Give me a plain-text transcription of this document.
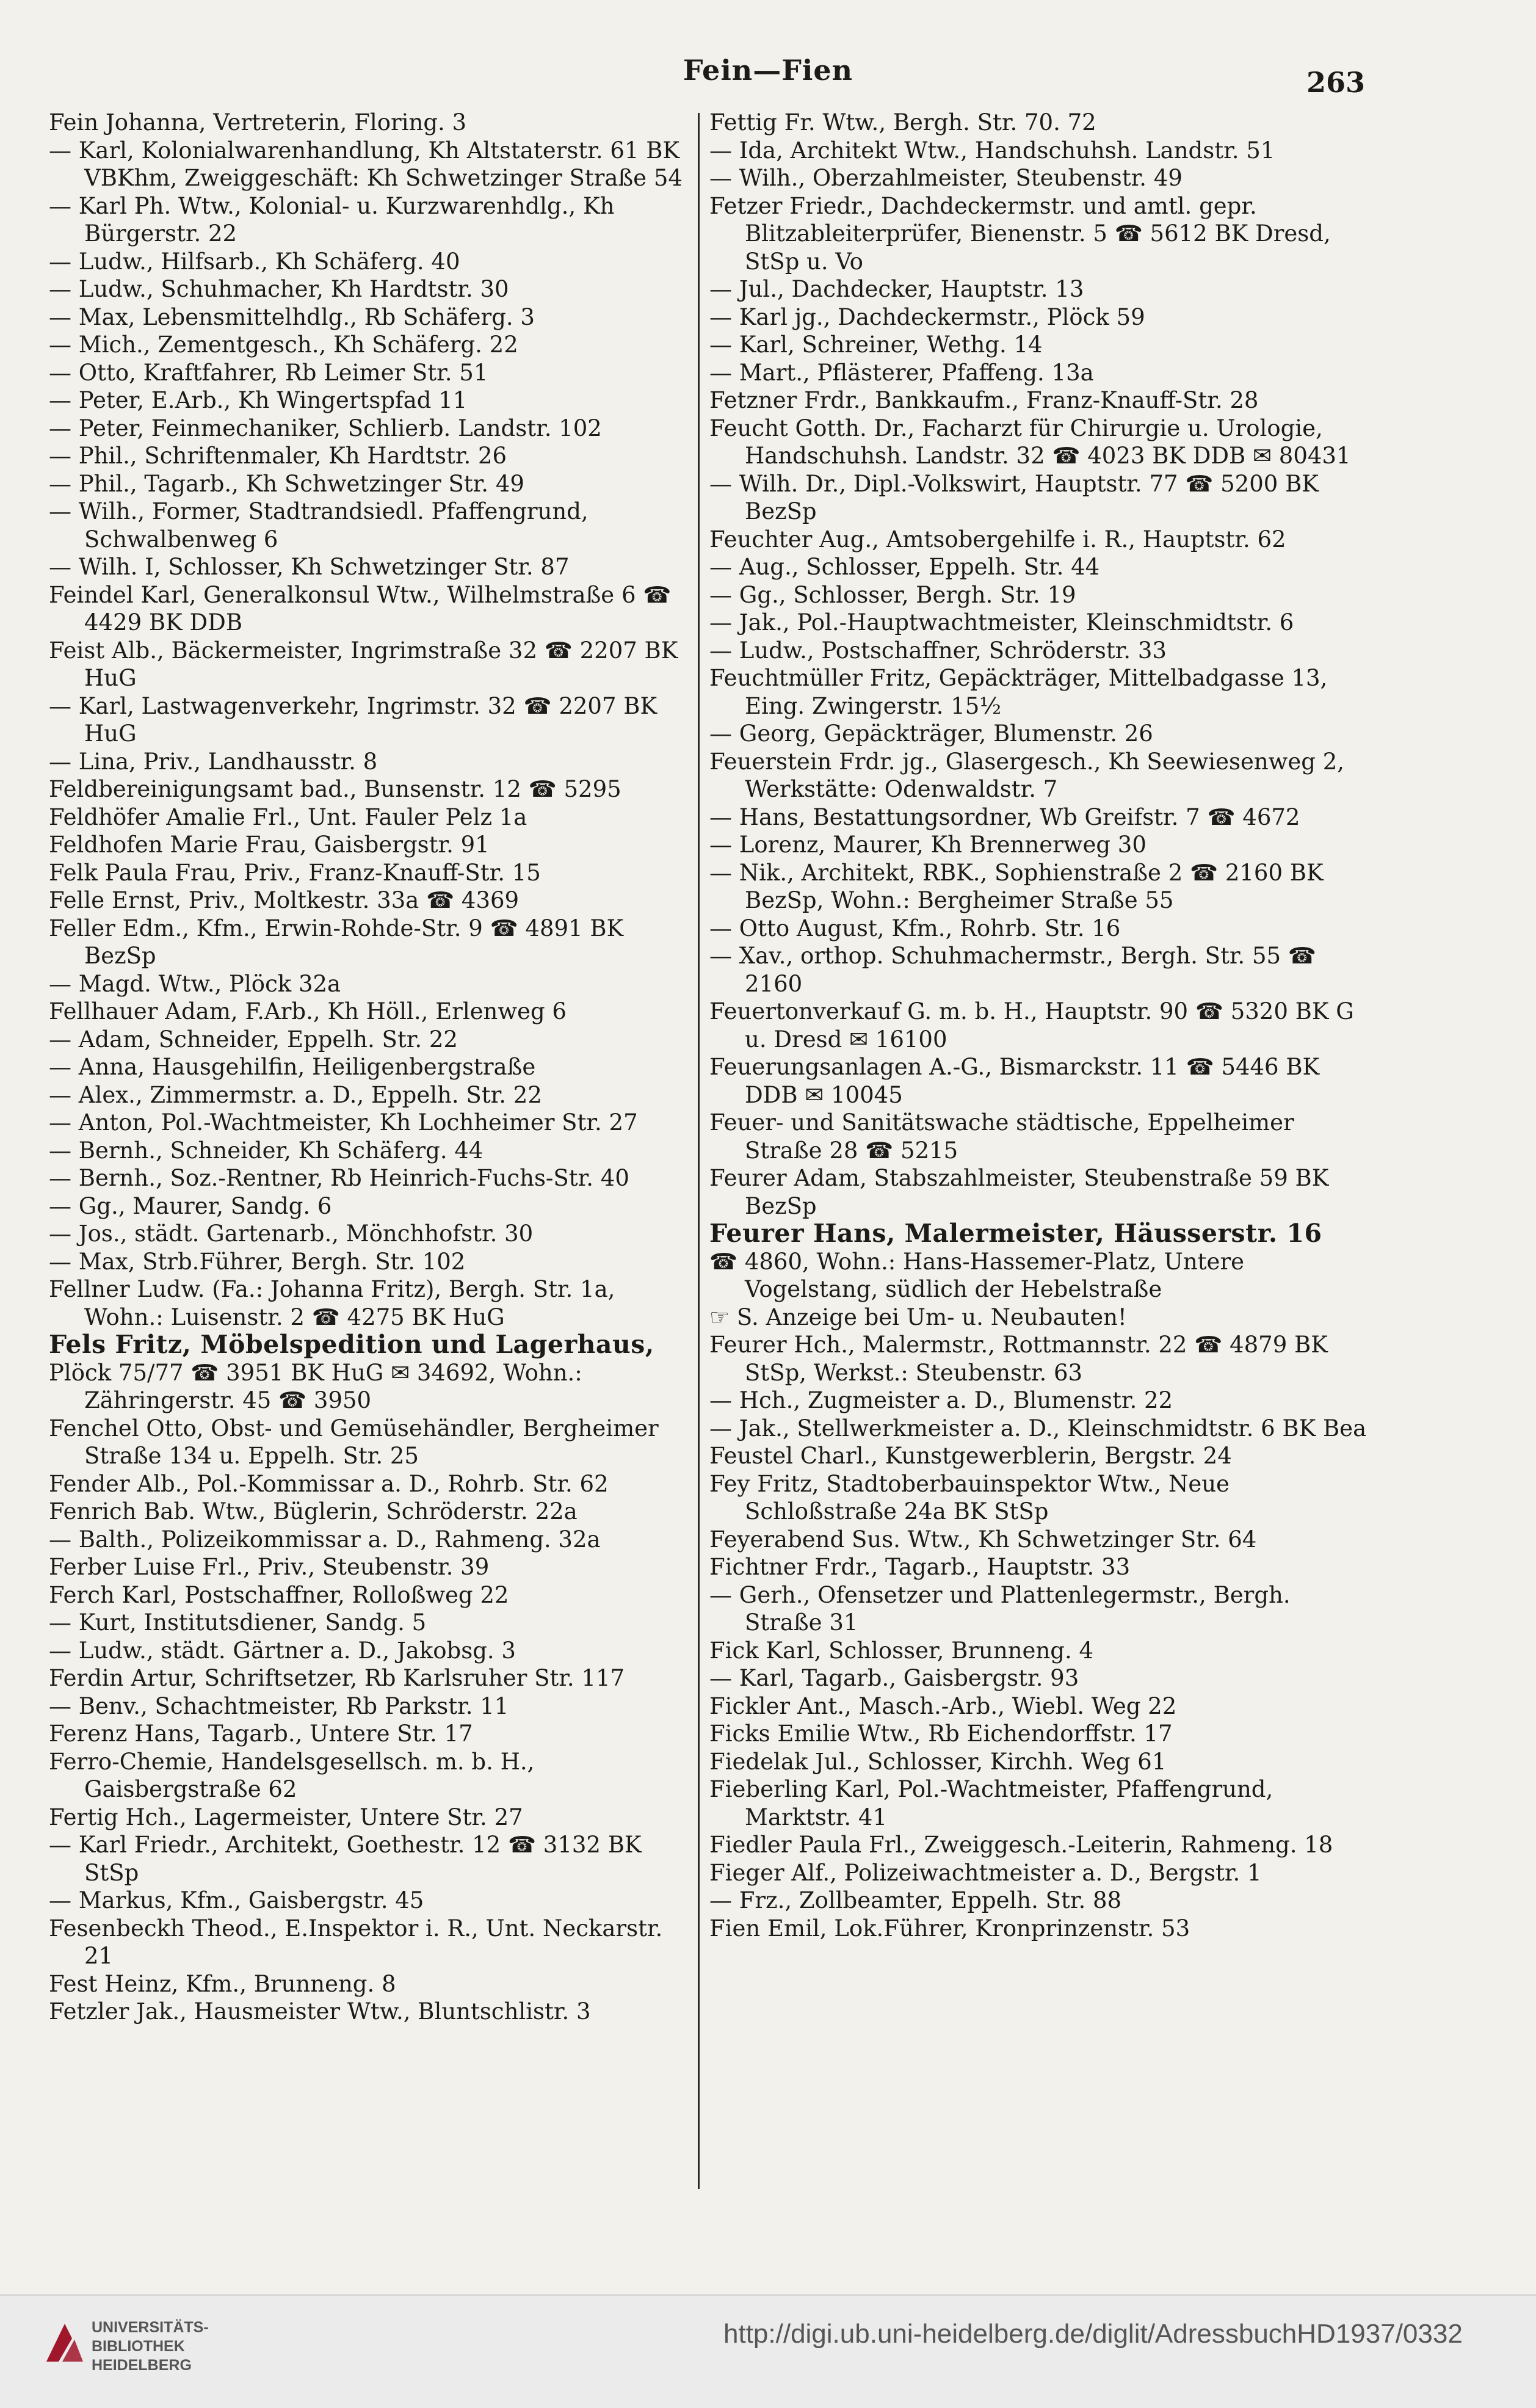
Fein—Fien	263

Fein Johanna, Vertreterin, Floring. 3

— Karl, Kolonialwarenhandlung, Kh Altstaterstr. 61 BK VBKhm, Zweiggeschäft: Kh Schwetzinger Straße 54

— Karl Ph. Wtw., Kolonial- u. Kurzwarenhdlg., Kh Bürgerstr. 22

— Ludw., Hilfsarb., Kh Schäferg. 40

— Ludw., Schuhmacher, Kh Hardtstr. 30

— Max, Lebensmittelhdlg., Rb Schäferg. 3

— Mich., Zementgesch., Kh Schäferg. 22

— Otto, Kraftfahrer, Rb Leimer Str. 51

— Peter, E.Arb., Kh Wingertspfad 11

— Peter, Feinmechaniker, Schlierb. Landstr. 102

— Phil., Schriftenmaler, Kh Hardtstr. 26

— Phil., Tagarb., Kh Schwetzinger Str. 49

— Wilh., Former, Stadtrandsiedl. Pfaffengrund, Schwalbenweg 6

— Wilh. I, Schlosser, Kh Schwetzinger Str. 87

Feindel Karl, Generalkonsul Wtw., Wilhelmstraße 6 ☎ 4429 BK DDB

Feist Alb., Bäckermeister, Ingrimstraße 32 ☎ 2207 BK HuG

— Karl, Lastwagenverkehr, Ingrimstr. 32 ☎ 2207 BK HuG

— Lina, Priv., Landhausstr. 8

Feldbereinigungsamt bad., Bunsenstr. 12 ☎ 5295

Feldhöfer Amalie Frl., Unt. Fauler Pelz 1a

Feldhofen Marie Frau, Gaisbergstr. 91

Felk Paula Frau, Priv., Franz-Knauff-Str. 15

Felle Ernst, Priv., Moltkestr. 33a ☎ 4369

Feller Edm., Kfm., Erwin-Rohde-Str. 9 ☎ 4891 BK BezSp

— Magd. Wtw., Plöck 32a

Fellhauer Adam, F.Arb., Kh Höll., Erlenweg 6

— Adam, Schneider, Eppelh. Str. 22

— Anna, Hausgehilfin, Heiligenbergstraße

— Alex., Zimmermstr. a. D., Eppelh. Str. 22

— Anton, Pol.-Wachtmeister, Kh Lochheimer Str. 27

— Bernh., Schneider, Kh Schäferg. 44

— Bernh., Soz.-Rentner, Rb Heinrich-Fuchs-Str. 40

— Gg., Maurer, Sandg. 6

— Jos., städt. Gartenarb., Mönchhofstr. 30

— Max, Strb.Führer, Bergh. Str. 102

Fellner Ludw. (Fa.: Johanna Fritz), Bergh. Str. 1a, Wohn.: Luisenstr. 2 ☎ 4275 BK HuG

Fels Fritz, Möbelspedition und Lagerhaus,

Plöck 75/77 ☎ 3951 BK HuG ✉ 34692, Wohn.: Zähringerstr. 45 ☎ 3950

Fenchel Otto, Obst- und Gemüsehändler, Bergheimer Straße 134 u. Eppelh. Str. 25

Fender Alb., Pol.-Kommissar a. D., Rohrb. Str. 62

Fenrich Bab. Wtw., Büglerin, Schröderstr. 22a

— Balth., Polizeikommissar a. D., Rahmeng. 32a

Ferber Luise Frl., Priv., Steubenstr. 39

Ferch Karl, Postschaffner, Rolloßweg 22

— Kurt, Institutsdiener, Sandg. 5

— Ludw., städt. Gärtner a. D., Jakobsg. 3

Ferdin Artur, Schriftsetzer, Rb Karlsruher Str. 117

— Benv., Schachtmeister, Rb Parkstr. 11

Ferenz Hans, Tagarb., Untere Str. 17

Ferro-Chemie, Handelsgesellsch. m. b. H., Gaisbergstraße 62

Fertig Hch., Lagermeister, Untere Str. 27

— Karl Friedr., Architekt, Goethestr. 12 ☎ 3132 BK StSp

— Markus, Kfm., Gaisbergstr. 45

Fesenbeckh Theod., E.Inspektor i. R., Unt. Neckarstr. 21

Fest Heinz, Kfm., Brunneng. 8

Fetzler Jak., Hausmeister Wtw., Bluntschlistr. 3

Fettig Fr. Wtw., Bergh. Str. 70. 72

— Ida, Architekt Wtw., Handschuhsh. Landstr. 51

— Wilh., Oberzahlmeister, Steubenstr. 49

Fetzer Friedr., Dachdeckermstr. und amtl. gepr. Blitzableiterprüfer, Bienenstr. 5 ☎ 5612 BK Dresd, StSp u. Vo

— Jul., Dachdecker, Hauptstr. 13

— Karl jg., Dachdeckermstr., Plöck 59

— Karl, Schreiner, Wethg. 14

— Mart., Pflästerer, Pfaffeng. 13a

Fetzner Frdr., Bankkaufm., Franz-Knauff-Str. 28

Feucht Gotth. Dr., Facharzt für Chirurgie u. Urologie, Handschuhsh. Landstr. 32 ☎ 4023 BK DDB ✉ 80431

— Wilh. Dr., Dipl.-Volkswirt, Hauptstr. 77 ☎ 5200 BK BezSp

Feuchter Aug., Amtsobergehilfe i. R., Hauptstr. 62

— Aug., Schlosser, Eppelh. Str. 44

— Gg., Schlosser, Bergh. Str. 19

— Jak., Pol.-Hauptwachtmeister, Kleinschmidtstr. 6

— Ludw., Postschaffner, Schröderstr. 33

Feuchtmüller Fritz, Gepäckträger, Mittelbadgasse 13, Eing. Zwingerstr. 15½

— Georg, Gepäckträger, Blumenstr. 26

Feuerstein Frdr. jg., Glasergesch., Kh Seewiesenweg 2, Werkstätte: Odenwaldstr. 7

— Hans, Bestattungsordner, Wb Greifstr. 7 ☎ 4672

— Lorenz, Maurer, Kh Brennerweg 30

— Nik., Architekt, RBK., Sophienstraße 2 ☎ 2160 BK BezSp, Wohn.: Bergheimer Straße 55

— Otto August, Kfm., Rohrb. Str. 16

— Xav., orthop. Schuhmachermstr., Bergh. Str. 55 ☎ 2160

Feuertonverkauf G. m. b. H., Hauptstr. 90 ☎ 5320 BK G u. Dresd ✉ 16100

Feuerungsanlagen A.-G., Bismarckstr. 11 ☎ 5446 BK DDB ✉ 10045

Feuer- und Sanitätswache städtische, Eppelheimer Straße 28 ☎ 5215

Feurer Adam, Stabszahlmeister, Steubenstraße 59 BK BezSp

Feurer Hans, Malermeister, Häusserstr. 16

☎ 4860, Wohn.: Hans-Hassemer-Platz, Untere Vogelstang, südlich der Hebelstraße

☞ S. Anzeige bei Um- u. Neubauten!

Feurer Hch., Malermstr., Rottmannstr. 22 ☎ 4879 BK StSp, Werkst.: Steubenstr. 63

— Hch., Zugmeister a. D., Blumenstr. 22

— Jak., Stellwerkmeister a. D., Kleinschmidtstr. 6 BK Bea

Feustel Charl., Kunstgewerblerin, Bergstr. 24

Fey Fritz, Stadtoberbauinspektor Wtw., Neue Schloßstraße 24a BK StSp

Feyerabend Sus. Wtw., Kh Schwetzinger Str. 64

Fichtner Frdr., Tagarb., Hauptstr. 33

— Gerh., Ofensetzer und Plattenlegermstr., Bergh. Straße 31

Fick Karl, Schlosser, Brunneng. 4

— Karl, Tagarb., Gaisbergstr. 93

Fickler Ant., Masch.-Arb., Wiebl. Weg 22

Ficks Emilie Wtw., Rb Eichendorffstr. 17

Fiedelak Jul., Schlosser, Kirchh. Weg 61

Fieberling Karl, Pol.-Wachtmeister, Pfaffengrund, Marktstr. 41

Fiedler Paula Frl., Zweiggesch.-Leiterin, Rahmeng. 18

Fieger Alf., Polizeiwachtmeister a. D., Bergstr. 1

— Frz., Zollbeamter, Eppelh. Str. 88

Fien Emil, Lok.Führer, Kronprinzenstr. 53

UNIVERSITÄTS-
BIBLIOTHEK
HEIDELBERG
http://digi.ub.uni-heidelberg.de/diglit/AdressbuchHD1937/0332
